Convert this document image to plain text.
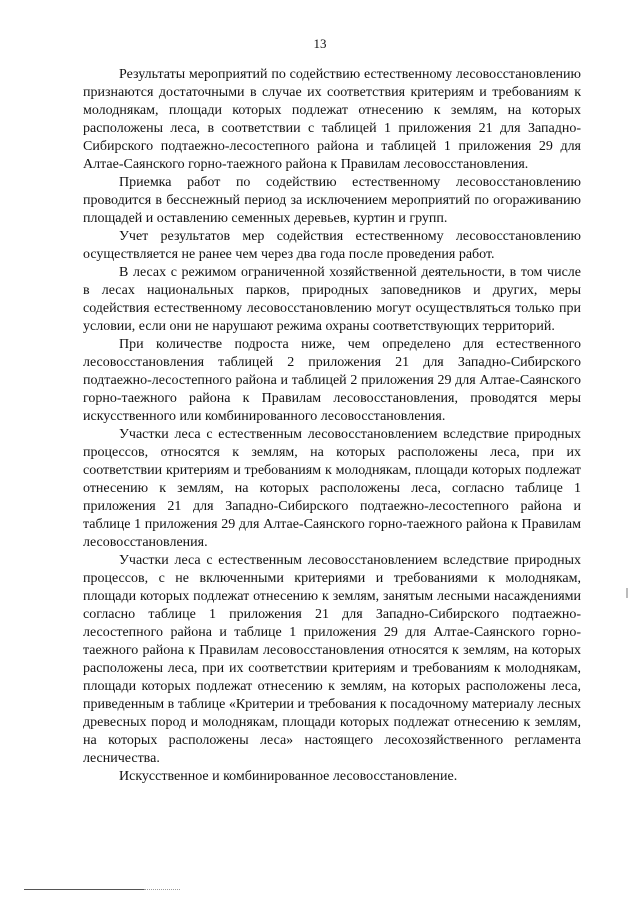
13

Результаты мероприятий по содействию естественному лесовосстановлению признаются достаточными в случае их соответствия критериям и требованиям к молоднякам, площади которых подлежат отнесению к землям, на которых расположены леса, в соответствии с таблицей 1 приложения 21 для Западно-Сибирского подтаежно-лесостепного района и таблицей 1 приложения 29 для Алтае-Саянского горно-таежного района к Правилам лесовосстановления.

Приемка работ по содействию естественному лесовосстановлению проводится в бесснежный период за исключением мероприятий по огораживанию площадей и оставлению семенных деревьев, куртин и групп.

Учет результатов мер содействия естественному лесовосстановлению осуществляется не ранее чем через два года после проведения работ.

В лесах с режимом ограниченной хозяйственной деятельности, в том числе в лесах национальных парков, природных заповедников и других, меры содействия естественному лесовосстановлению могут осуществляться только при условии, если они не нарушают режима охраны соответствующих территорий.

При количестве подроста ниже, чем определено для естественного лесовосстановления таблицей 2 приложения 21 для Западно-Сибирского подтаежно-лесостепного района и таблицей 2 приложения 29 для Алтае-Саянского горно-таежного района к Правилам лесовосстановления, проводятся меры искусственного или комбинированного лесовосстановления.

Участки леса с естественным лесовосстановлением вследствие природных процессов, относятся к землям, на которых расположены леса, при их соответствии критериям и требованиям к молоднякам, площади которых подлежат отнесению к землям, на которых расположены леса, согласно таблице 1 приложения 21 для Западно-Сибирского подтаежно-лесостепного района и таблице 1 приложения 29 для Алтае-Саянского горно-таежного района к Правилам лесовосстановления.

Участки леса с естественным лесовосстановлением вследствие природных процессов, с не включенными критериями и требованиями к молоднякам, площади которых подлежат отнесению к землям, занятым лесными насаждениями согласно таблице 1 приложения 21 для Западно-Сибирского подтаежно-лесостепного района и таблице 1 приложения 29 для Алтае-Саянского горно-таежного района к Правилам лесовосстановления относятся к землям, на которых расположены леса, при их соответствии критериям и требованиям к молоднякам, площади которых подлежат отнесению к землям, на которых расположены леса, приведенным в таблице «Критерии и требования к посадочному материалу лесных древесных пород и молоднякам, площади которых подлежат отнесению к землям, на которых расположены леса» настоящего лесохозяйственного регламента лесничества.

Искусственное и комбинированное лесовосстановление.
